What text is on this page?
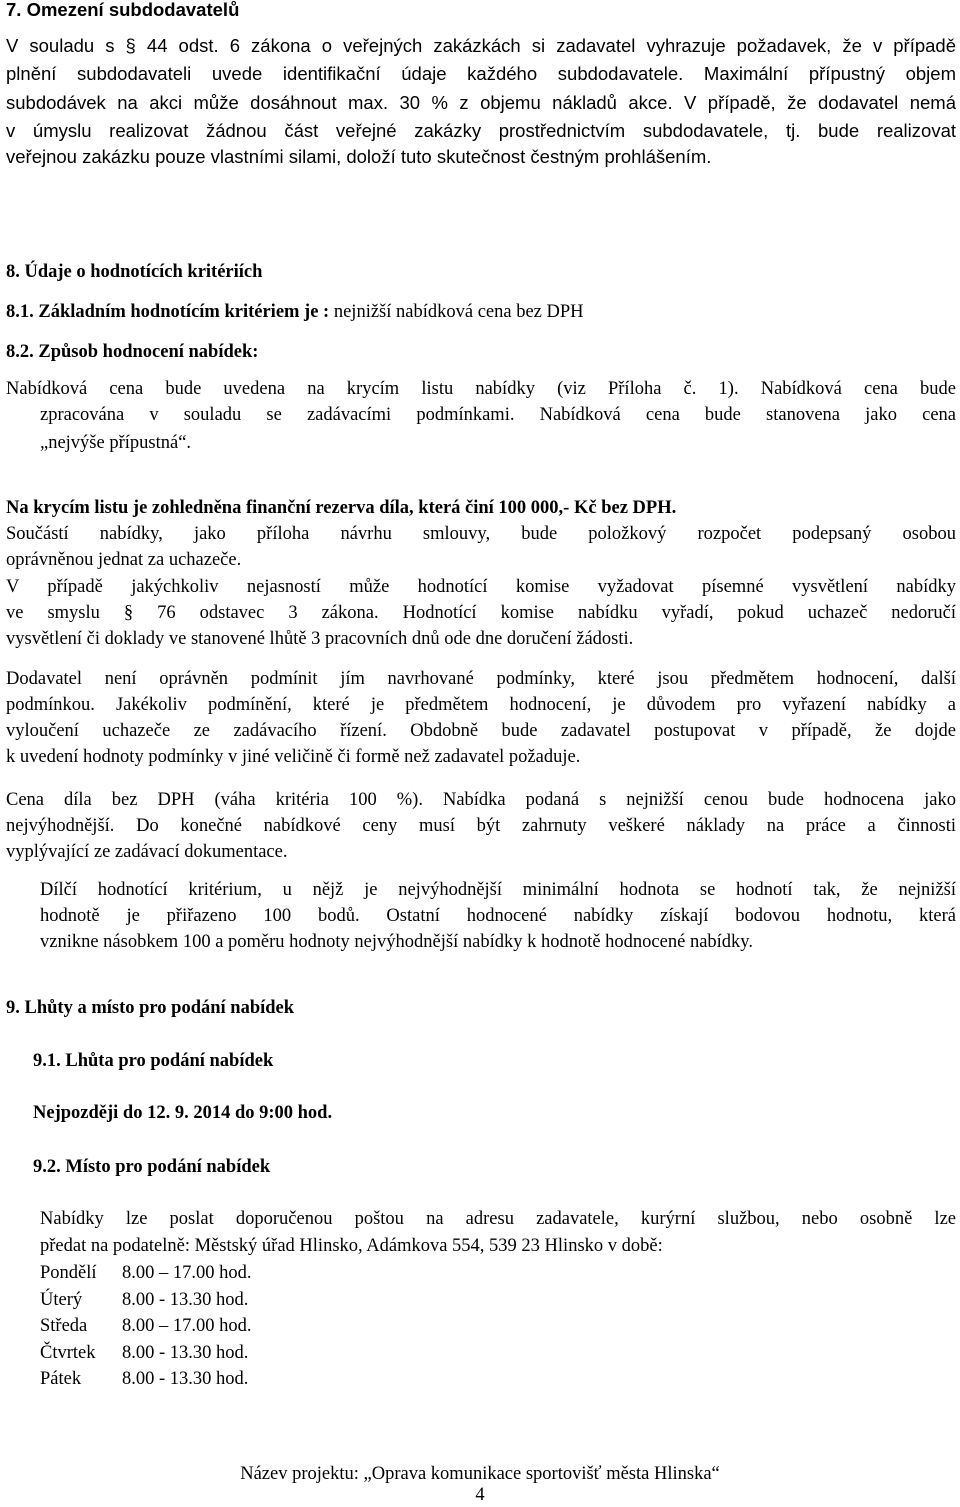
7. Omezení subdodavatelů
V souladu s § 44 odst. 6 zákona o veřejných zakázkách si zadavatel vyhrazuje požadavek, že v případě
plnění subdodavateli uvede identifikační údaje každého subdodavatele. Maximální přípustný objem
subdodávek na akci může dosáhnout max. 30 % z objemu nákladů akce. V případě, že dodavatel nemá
v úmyslu realizovat žádnou část veřejné zakázky prostřednictvím subdodavatele, tj. bude realizovat
veřejnou zakázku pouze vlastními silami, doloží tuto skutečnost čestným prohlášením.
8. Údaje o hodnotících kritériích
8.1. Základním hodnotícím kritériem je : nejnižší nabídková cena bez DPH
8.2. Způsob hodnocení nabídek:
Nabídková cena bude uvedena na krycím listu nabídky (viz Příloha č. 1). Nabídková cena bude
zpracována v souladu se zadávacími podmínkami. Nabídková cena bude stanovena jako cena
„nejvýše přípustná“.
Na krycím listu je zohledněna finanční rezerva díla, která činí 100 000,- Kč bez DPH.
Součástí nabídky, jako příloha návrhu smlouvy, bude položkový rozpočet podepsaný osobou
oprávněnou jednat za uchazeče.
V případě jakýchkoliv nejasností může hodnotící komise vyžadovat písemné vysvětlení nabídky
ve smyslu § 76 odstavec 3 zákona. Hodnotící komise nabídku vyřadí, pokud uchazeč nedoručí
vysvětlení či doklady ve stanovené lhůtě 3 pracovních dnů ode dne doručení žádosti.
Dodavatel není oprávněn podmínit jím navrhované podmínky, které jsou předmětem hodnocení, další
podmínkou. Jakékoliv podmínění, které je předmětem hodnocení, je důvodem pro vyřazení nabídky a
vyloučení uchazeče ze zadávacího řízení. Obdobně bude zadavatel postupovat v případě, že dojde
k uvedení hodnoty podmínky v jiné veličině či formě než zadavatel požaduje.
Cena díla bez DPH (váha kritéria 100 %). Nabídka podaná s nejnižší cenou bude hodnocena jako
nejvýhodnější. Do konečné nabídkové ceny musí být zahrnuty veškeré náklady na práce a činnosti
vyplývající ze zadávací dokumentace.
Dílčí hodnotící kritérium, u nějž je nejvýhodnější minimální hodnota se hodnotí tak, že nejnižší
hodnotě je přiřazeno 100 bodů. Ostatní hodnocené nabídky získají bodovou hodnotu, která
vznikne násobkem 100 a poměru hodnoty nejvýhodnější nabídky k hodnotě hodnocené nabídky.
9. Lhůty a místo pro podání nabídek
9.1. Lhůta pro podání nabídek
Nejpozději do 12. 9. 2014 do 9:00 hod.
9.2. Místo pro podání nabídek
Nabídky lze poslat doporučenou poštou na adresu zadavatele, kurýrní službou, nebo osobně lze
předat na podatelně: Městský úřad Hlinsko, Adámkova 554, 539 23 Hlinsko v době:
Pondělí 8.00 – 17.00 hod.
Úterý 8.00 - 13.30 hod.
Středa 8.00 – 17.00 hod.
Čtvrtek 8.00 - 13.30 hod.
Pátek 8.00 - 13.30 hod.
Název projektu: „Oprava komunikace sportovišť města Hlinska“
4
